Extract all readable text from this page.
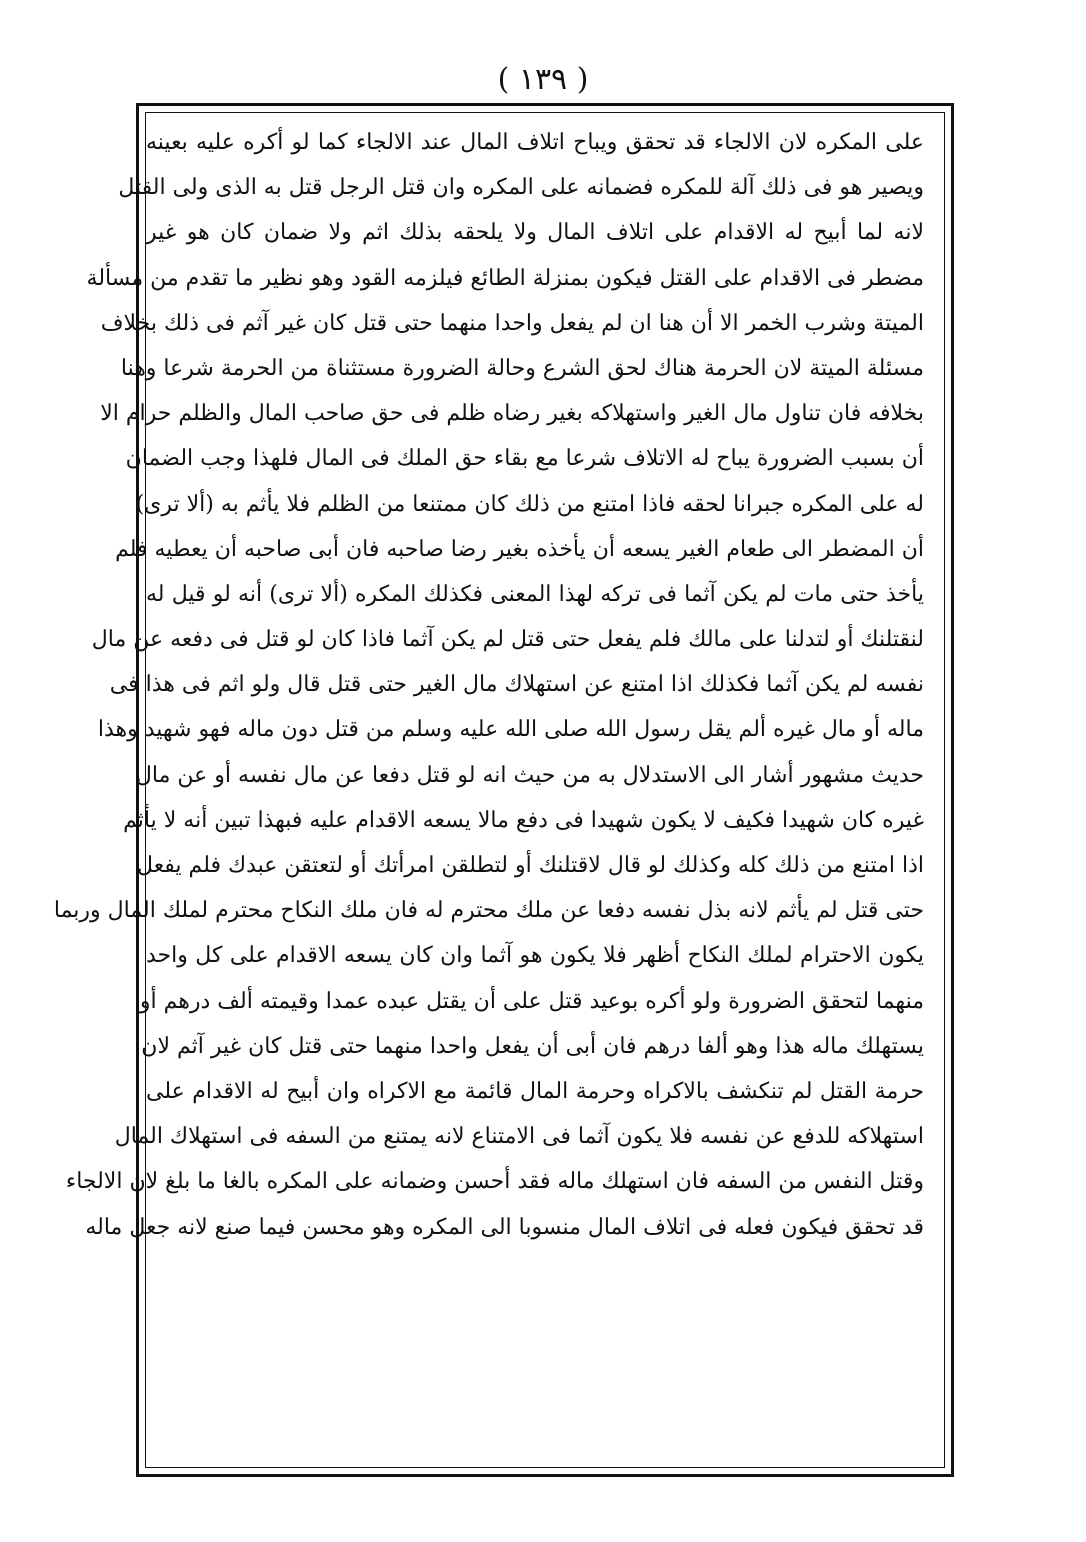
( ١٣٩ )
على المكره لان الالجاء قد تحقق ويباح اتلاف المال عند الالجاء كما لو أكره عليه بعينه
ويصير هو فى ذلك آلة للمكره فضمانه على المكره وان قتل الرجل قتل به الذى ولى القتل
لانه لما أبيح له الاقدام على اتلاف المال ولا يلحقه بذلك اثم ولا ضمان كان هو غير
مضطر فى الاقدام على القتل فيكون بمنزلة الطائع فيلزمه القود وهو نظير ما تقدم من مسألة
الميتة وشرب الخمر الا أن هنا ان لم يفعل واحدا منهما حتى قتل كان غير آثم فى ذلك بخلاف
مسئلة الميتة لان الحرمة هناك لحق الشرع وحالة الضرورة مستثناة من الحرمة شرعا وهنا
بخلافه فان تناول مال الغير واستهلاكه بغير رضاه ظلم فى حق صاحب المال والظلم حرام الا
أن بسبب الضرورة يباح له الاتلاف شرعا مع بقاء حق الملك فى المال فلهذا وجب الضمان
له على المكره جبرانا لحقه فاذا امتنع من ذلك كان ممتنعا من الظلم فلا يأثم به (ألا ترى)
أن المضطر الى طعام الغير يسعه أن يأخذه بغير رضا صاحبه فان أبى صاحبه أن يعطيه فلم
يأخذ حتى مات لم يكن آثما فى تركه لهذا المعنى فكذلك المكره (ألا ترى) أنه لو قيل له
لنقتلنك أو لتدلنا على مالك فلم يفعل حتى قتل لم يكن آثما فاذا كان لو قتل فى دفعه عن مال
نفسه لم يكن آثما فكذلك اذا امتنع عن استهلاك مال الغير حتى قتل قال ولو اثم فى هذا فى
ماله أو مال غيره ألم يقل رسول الله صلى الله عليه وسلم من قتل دون ماله فهو شهيد وهذا
حديث مشهور أشار الى الاستدلال به من حيث انه لو قتل دفعا عن مال نفسه أو عن مال
غيره كان شهيدا فكيف لا يكون شهيدا فى دفع مالا يسعه الاقدام عليه فبهذا تبين أنه لا يأثم
اذا امتنع من ذلك كله وكذلك لو قال لاقتلنك أو لتطلقن امرأتك أو لتعتقن عبدك فلم يفعل
حتى قتل لم يأثم لانه بذل نفسه دفعا عن ملك محترم له فان ملك النكاح محترم لملك المال وربما
يكون الاحترام لملك النكاح أظهر فلا يكون هو آثما وان كان يسعه الاقدام على كل واحد
منهما لتحقق الضرورة ولو أكره بوعيد قتل على أن يقتل عبده عمدا وقيمته ألف درهم أو
يستهلك ماله هذا وهو ألفا درهم فان أبى أن يفعل واحدا منهما حتى قتل كان غير آثم لان
حرمة القتل لم تنكشف بالاكراه وحرمة المال قائمة مع الاكراه وان أبيح له الاقدام على
استهلاكه للدفع عن نفسه فلا يكون آثما فى الامتناع لانه يمتنع من السفه فى استهلاك المال
وقتل النفس من السفه فان استهلك ماله فقد أحسن وضمانه على المكره بالغا ما بلغ لان الالجاء
قد تحقق فيكون فعله فى اتلاف المال منسوبا الى المكره وهو محسن فيما صنع لانه جعل ماله
